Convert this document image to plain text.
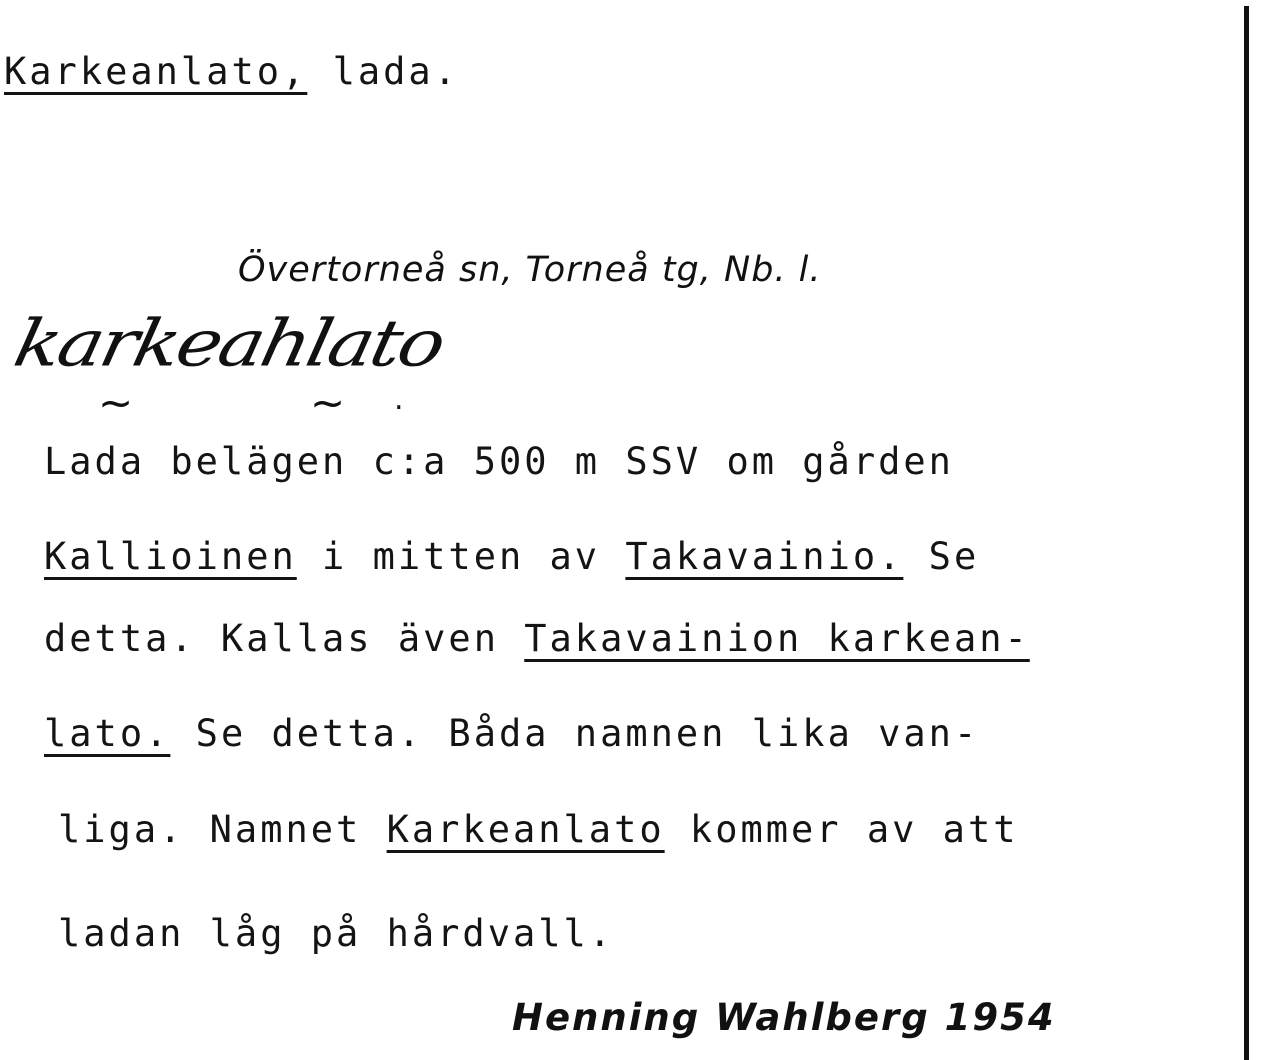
Karkeanlato, lada.
Övertorneå sn, Torneå tg, Nb. l.
karkeahlato
~	~ .
Lada belägen c:a 500 m SSV om gården
Kallioinen i mitten av Takavainio. Se
detta. Kallas även Takavainion karkean-
lato. Se detta. Båda namnen lika van-
liga. Namnet Karkeanlato kommer av att
ladan låg på hårdvall.
Henning Wahlberg 1954
